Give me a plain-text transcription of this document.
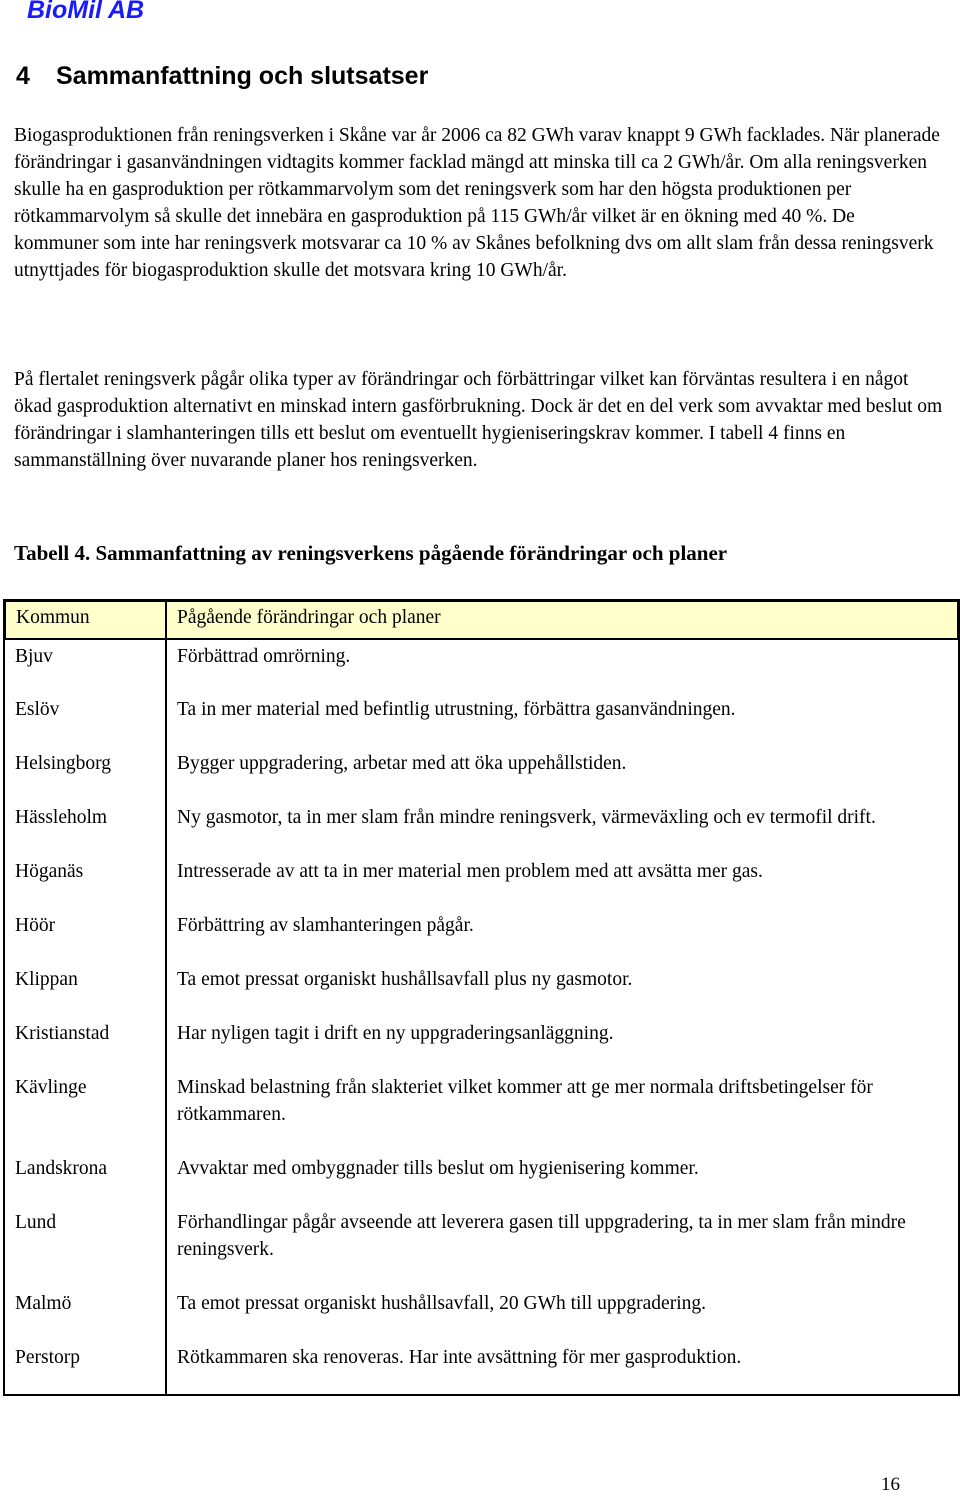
BioMil AB
4 Sammanfattning och slutsatser

Biogasproduktionen från reningsverken i Skåne var år 2006 ca 82 GWh varav knappt 9 GWh facklades. När planerade förändringar i gasanvändningen vidtagits kommer facklad mängd att minska till ca 2 GWh/år. Om alla reningsverken skulle ha en gasproduktion per rötkammarvolym som det reningsverk som har den högsta produktionen per rötkammarvolym så skulle det innebära en gasproduktion på 115 GWh/år vilket är en ökning med 40 %. De kommuner som inte har reningsverk motsvarar ca 10 % av Skånes befolkning dvs om allt slam från dessa reningsverk utnyttjades för biogasproduktion skulle det motsvara kring 10 GWh/år.

På flertalet reningsverk pågår olika typer av förändringar och förbättringar vilket kan förväntas resultera i en något ökad gasproduktion alternativt en minskad intern gasförbrukning. Dock är det en del verk som avvaktar med beslut om förändringar i slamhanteringen tills ett beslut om eventuellt hygieniseringskrav kommer. I tabell 4 finns en sammanställning över nuvarande planer hos reningsverken.

Tabell 4. Sammanfattning av reningsverkens pågående förändringar och planer

Kommun	Pågående förändringar och planer
Bjuv	Förbättrad omrörning.
Eslöv	Ta in mer material med befintlig utrustning, förbättra gasanvändningen.
Helsingborg	Bygger uppgradering, arbetar med att öka uppehållstiden.
Hässleholm	Ny gasmotor, ta in mer slam från mindre reningsverk, värmeväxling och ev termofil drift.
Höganäs	Intresserade av att ta in mer material men problem med att avsätta mer gas.
Höör	Förbättring av slamhanteringen pågår.
Klippan	Ta emot pressat organiskt hushållsavfall plus ny gasmotor.
Kristianstad	Har nyligen tagit i drift en ny uppgraderingsanläggning.
Kävlinge	Minskad belastning från slakteriet vilket kommer att ge mer normala driftsbetingelser för rötkammaren.
Landskrona	Avvaktar med ombyggnader tills beslut om hygienisering kommer.
Lund	Förhandlingar pågår avseende att leverera gasen till uppgradering, ta in mer slam från mindre reningsverk.
Malmö	Ta emot pressat organiskt hushållsavfall, 20 GWh till uppgradering.
Perstorp	Rötkammaren ska renoveras. Har inte avsättning för mer gasproduktion.
16
